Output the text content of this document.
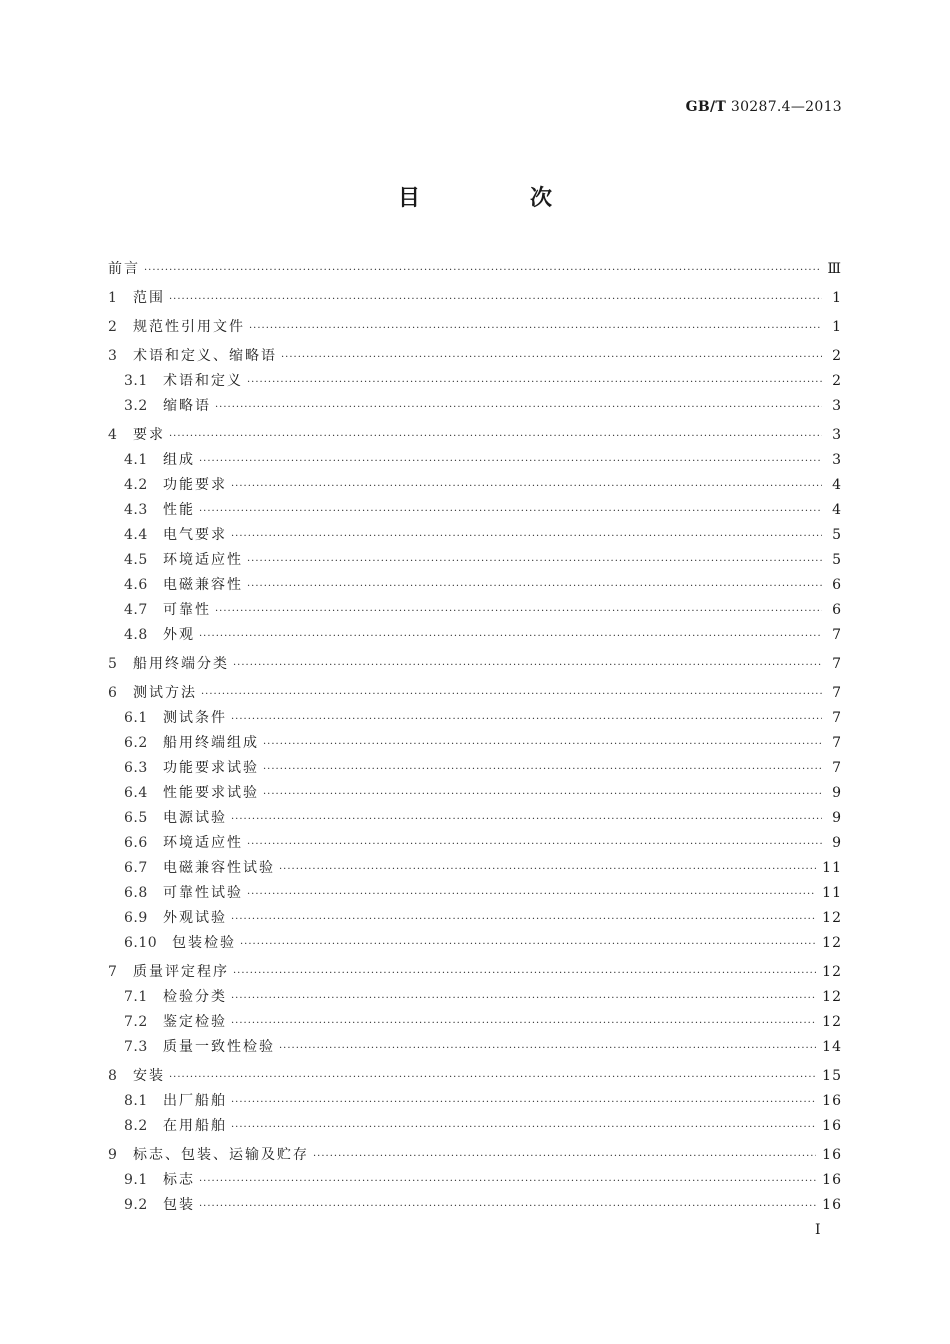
GB/T 30287.4—2013
目　次
前言 ·····	Ⅲ
1	范围 ·····	1
2	规范性引用文件 ·····	1
3	术语和定义、缩略语 ·····	2
3.1	术语和定义 ·····	2
3.2	缩略语 ·····	3
4	要求 ·····	3
4.1	组成 ·····	3
4.2	功能要求 ·····	4
4.3	性能 ·····	4
4.4	电气要求 ·····	5
4.5	环境适应性 ·····	5
4.6	电磁兼容性 ·····	6
4.7	可靠性 ·····	6
4.8	外观 ·····	7
5	船用终端分类 ·····	7
6	测试方法 ·····	7
6.1	测试条件 ·····	7
6.2	船用终端组成 ·····	7
6.3	功能要求试验 ·····	7
6.4	性能要求试验 ·····	9
6.5	电源试验 ·····	9
6.6	环境适应性 ·····	9
6.7	电磁兼容性试验 ·····	11
6.8	可靠性试验 ·····	11
6.9	外观试验 ·····	12
6.10	包装检验 ·····	12
7	质量评定程序 ·····	12
7.1	检验分类 ·····	12
7.2	鉴定检验 ·····	12
7.3	质量一致性检验 ·····	14
8	安装 ·····	15
8.1	出厂船舶 ·····	16
8.2	在用船舶 ·····	16
9	标志、包装、运输及贮存 ·····	16
9.1	标志 ·····	16
9.2	包装 ·····	16
I
